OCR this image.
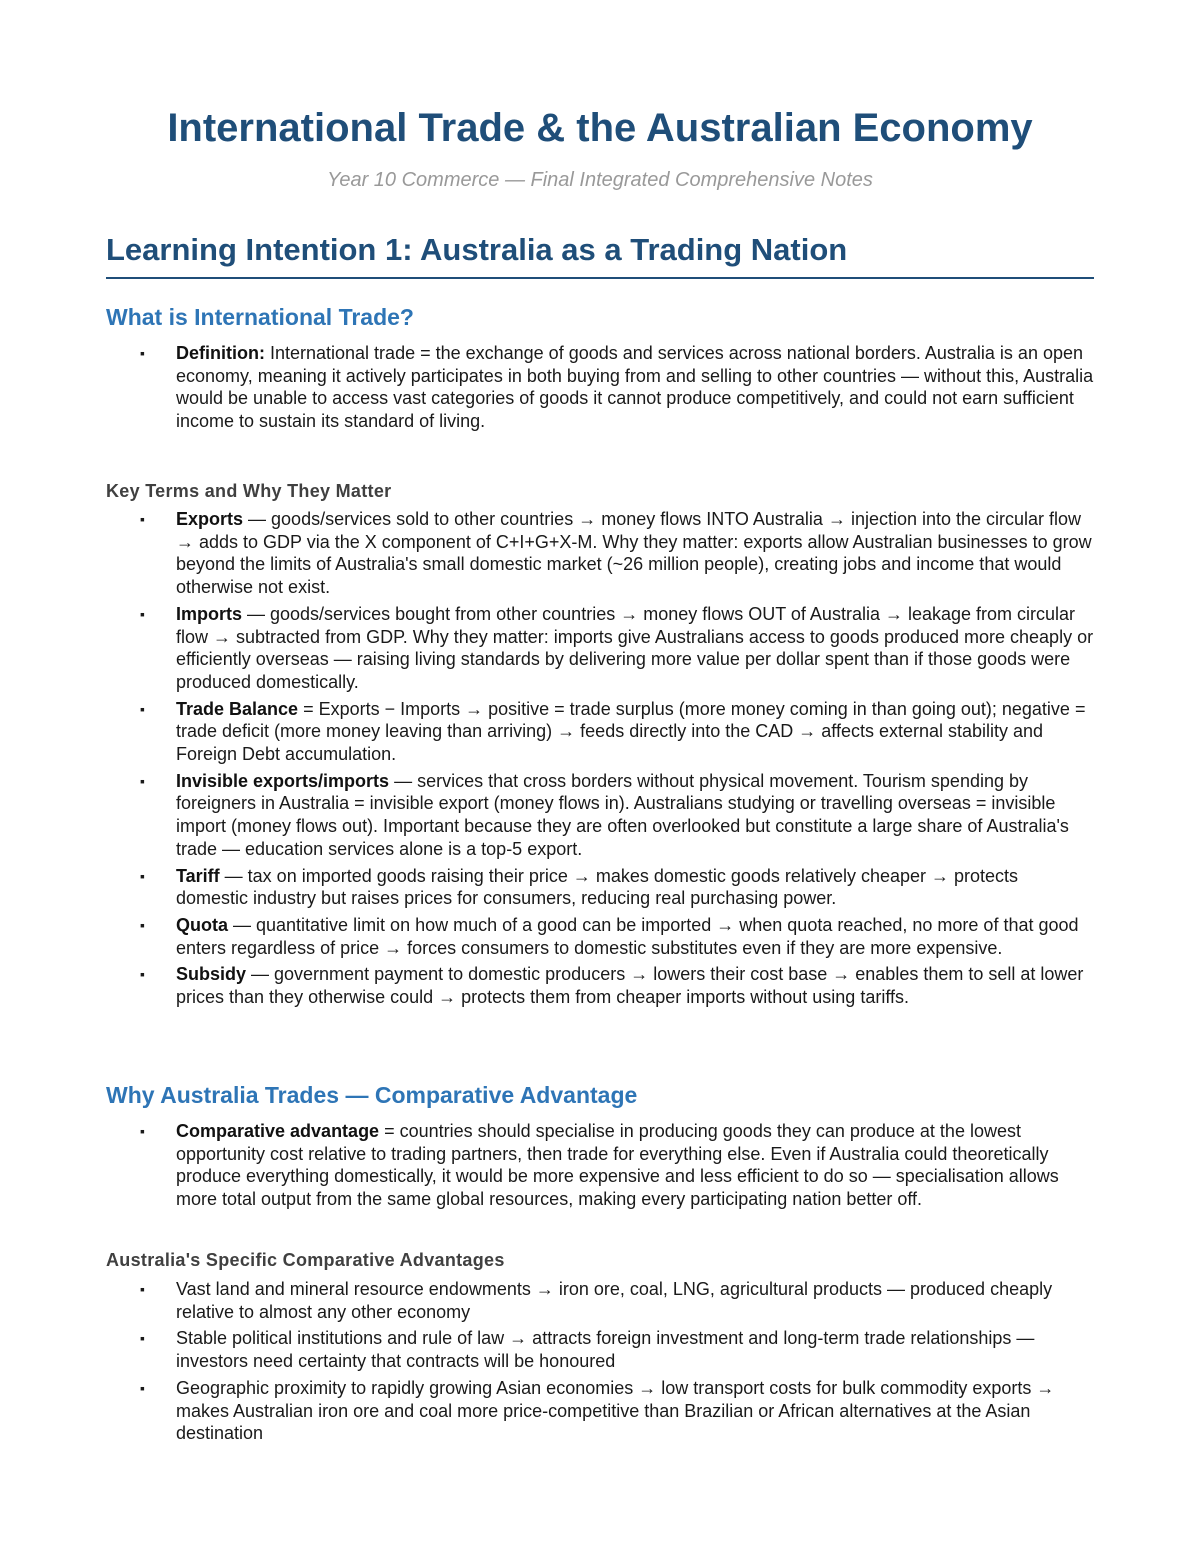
International Trade & the Australian Economy

Year 10 Commerce — Final Integrated Comprehensive Notes

Learning Intention 1: Australia as a Trading Nation
What is International Trade?
▪ Definition: International trade = the exchange of goods and services across national borders. Australia is an open economy, meaning it actively participates in both buying from and selling to other countries — without this, Australia would be unable to access vast categories of goods it cannot produce competitively, and could not earn sufficient income to sustain its standard of living.
Key Terms and Why They Matter
▪ Exports — goods/services sold to other countries → money flows INTO Australia → injection into the circular flow → adds to GDP via the X component of C+I+G+X-M. Why they matter: exports allow Australian businesses to grow beyond the limits of Australia's small domestic market (~26 million people), creating jobs and income that would otherwise not exist.
▪ Imports — goods/services bought from other countries → money flows OUT of Australia → leakage from circular flow → subtracted from GDP. Why they matter: imports give Australians access to goods produced more cheaply or efficiently overseas — raising living standards by delivering more value per dollar spent than if those goods were produced domestically.
▪ Trade Balance = Exports − Imports → positive = trade surplus (more money coming in than going out); negative = trade deficit (more money leaving than arriving) → feeds directly into the CAD → affects external stability and Foreign Debt accumulation.
▪ Invisible exports/imports — services that cross borders without physical movement. Tourism spending by foreigners in Australia = invisible export (money flows in). Australians studying or travelling overseas = invisible import (money flows out). Important because they are often overlooked but constitute a large share of Australia's trade — education services alone is a top-5 export.
▪ Tariff — tax on imported goods raising their price → makes domestic goods relatively cheaper → protects domestic industry but raises prices for consumers, reducing real purchasing power.
▪ Quota — quantitative limit on how much of a good can be imported → when quota reached, no more of that good enters regardless of price → forces consumers to domestic substitutes even if they are more expensive.
▪ Subsidy — government payment to domestic producers → lowers their cost base → enables them to sell at lower prices than they otherwise could → protects them from cheaper imports without using tariffs.
Why Australia Trades — Comparative Advantage
▪ Comparative advantage = countries should specialise in producing goods they can produce at the lowest opportunity cost relative to trading partners, then trade for everything else. Even if Australia could theoretically produce everything domestically, it would be more expensive and less efficient to do so — specialisation allows more total output from the same global resources, making every participating nation better off.
Australia's Specific Comparative Advantages
▪ Vast land and mineral resource endowments → iron ore, coal, LNG, agricultural products — produced cheaply relative to almost any other economy
▪ Stable political institutions and rule of law → attracts foreign investment and long-term trade relationships — investors need certainty that contracts will be honoured
▪ Geographic proximity to rapidly growing Asian economies → low transport costs for bulk commodity exports → makes Australian iron ore and coal more price-competitive than Brazilian or African alternatives at the Asian destination
